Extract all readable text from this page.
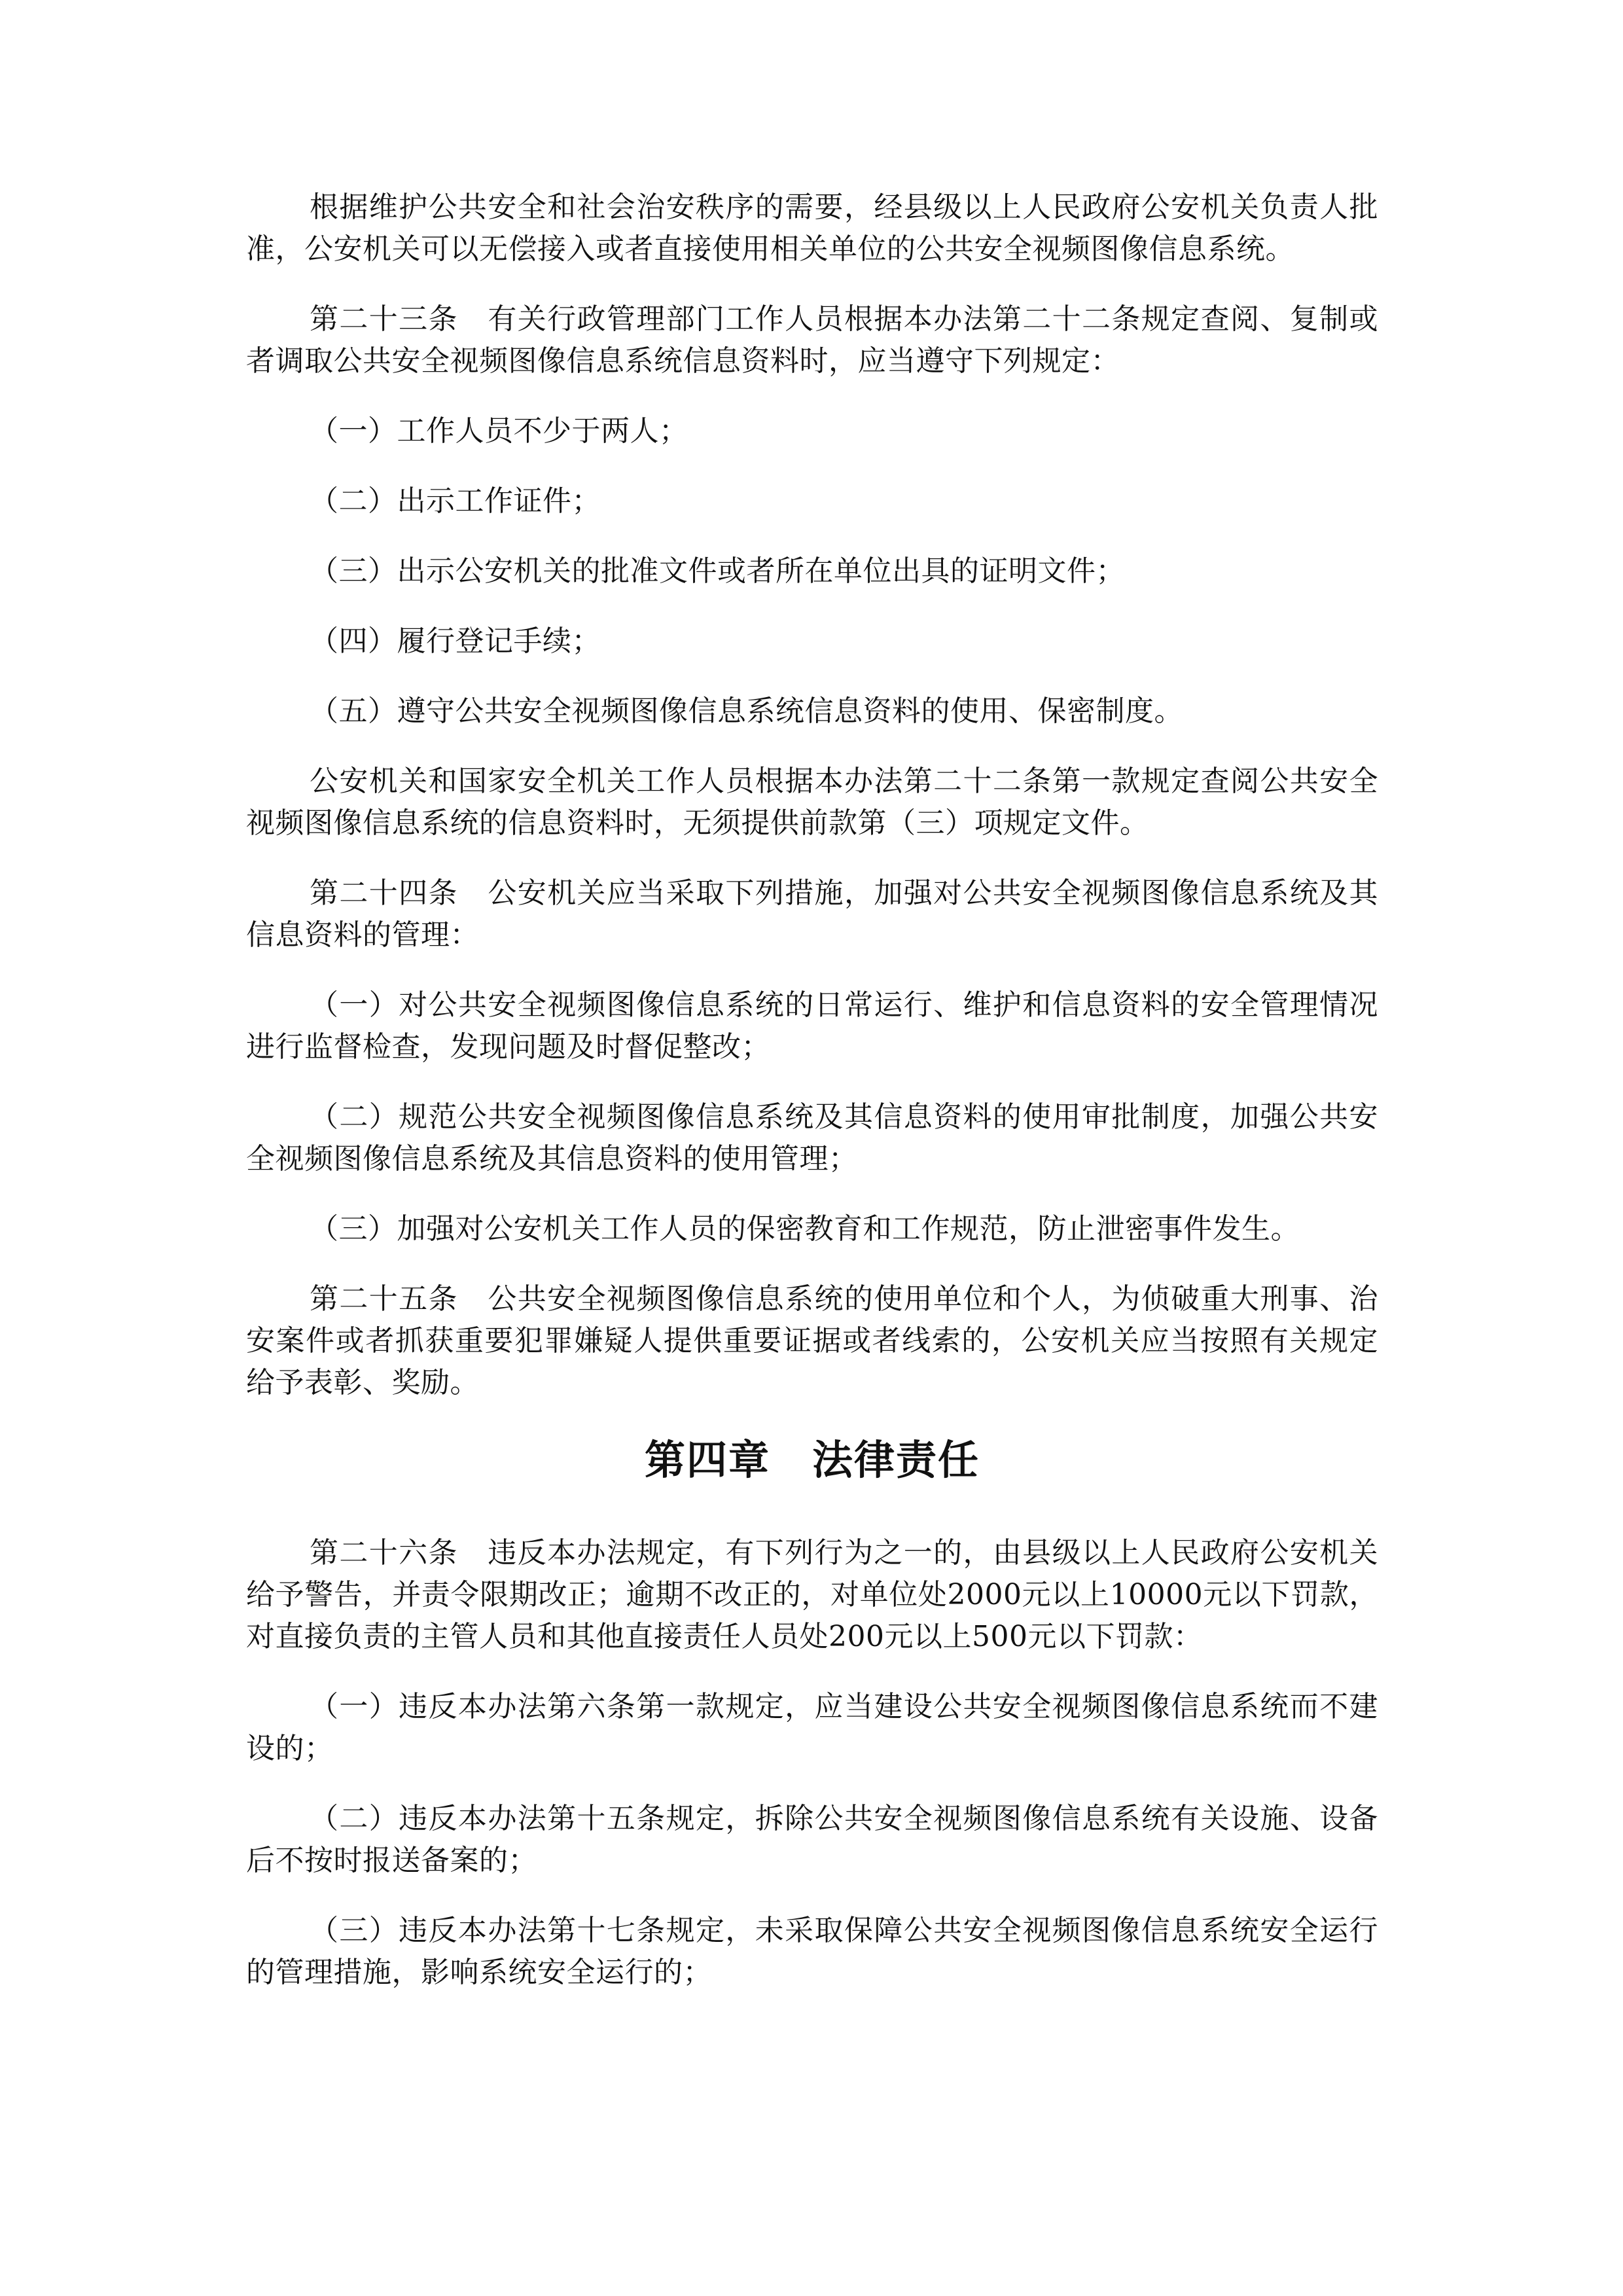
根据维护公共安全和社会治安秩序的需要，经县级以上人民政府公安机关负责人批准，公安机关可以无偿接入或者直接使用相关单位的公共安全视频图像信息系统。

第二十三条　有关行政管理部门工作人员根据本办法第二十二条规定查阅、复制或者调取公共安全视频图像信息系统信息资料时，应当遵守下列规定：

（一）工作人员不少于两人；

（二）出示工作证件；

（三）出示公安机关的批准文件或者所在单位出具的证明文件；

（四）履行登记手续；

（五）遵守公共安全视频图像信息系统信息资料的使用、保密制度。

公安机关和国家安全机关工作人员根据本办法第二十二条第一款规定查阅公共安全视频图像信息系统的信息资料时，无须提供前款第（三）项规定文件。

第二十四条　公安机关应当采取下列措施，加强对公共安全视频图像信息系统及其信息资料的管理：

（一）对公共安全视频图像信息系统的日常运行、维护和信息资料的安全管理情况进行监督检查，发现问题及时督促整改；

（二）规范公共安全视频图像信息系统及其信息资料的使用审批制度，加强公共安全视频图像信息系统及其信息资料的使用管理；

（三）加强对公安机关工作人员的保密教育和工作规范，防止泄密事件发生。

第二十五条　公共安全视频图像信息系统的使用单位和个人，为侦破重大刑事、治安案件或者抓获重要犯罪嫌疑人提供重要证据或者线索的，公安机关应当按照有关规定给予表彰、奖励。

第四章　法律责任

第二十六条　违反本办法规定，有下列行为之一的，由县级以上人民政府公安机关给予警告，并责令限期改正；逾期不改正的，对单位处2000元以上10000元以下罚款，对直接负责的主管人员和其他直接责任人员处200元以上500元以下罚款：

（一）违反本办法第六条第一款规定，应当建设公共安全视频图像信息系统而不建设的；

（二）违反本办法第十五条规定，拆除公共安全视频图像信息系统有关设施、设备后不按时报送备案的；

（三）违反本办法第十七条规定，未采取保障公共安全视频图像信息系统安全运行的管理措施，影响系统安全运行的；
